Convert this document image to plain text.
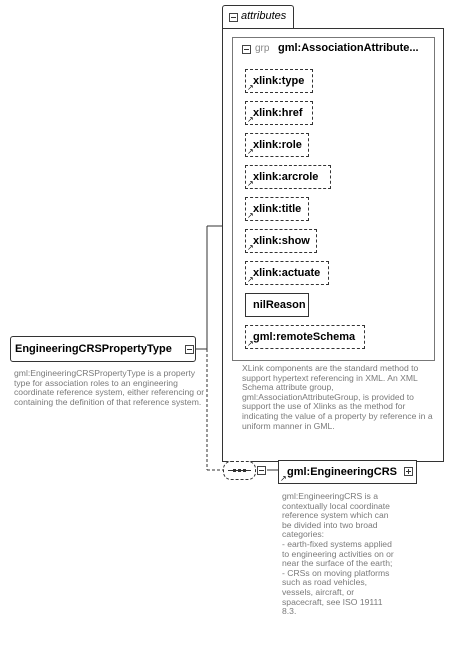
attributes
grp gml:AssociationAttribute...
xlink:type
↗
xlink:href
↗
xlink:role
↗
xlink:arcrole
↗
xlink:title
↗
xlink:show
↗
xlink:actuate
↗
nilReason
gml:remoteSchema
↗
XLink components are the standard method to support hypertext referencing in XML. An XML Schema attribute group, gml:AssociationAttributeGroup, is provided to support the use of Xlinks as the method for indicating the value of a property by reference in a uniform manner in GML.
EngineeringCRSPropertyType
gml:EngineeringCRSPropertyType is a property type for association roles to an engineering coordinate reference system, either referencing or containing the definition of that reference system.
gml:EngineeringCRS
↗
gml:EngineeringCRS is a contextually local coordinate reference system which can be divided into two broad categories:
- earth-fixed systems applied to engineering activities on or near the surface of the earth;
- CRSs on moving platforms such as road vehicles, vessels, aircraft, or spacecraft, see ISO 19111 8.3.
